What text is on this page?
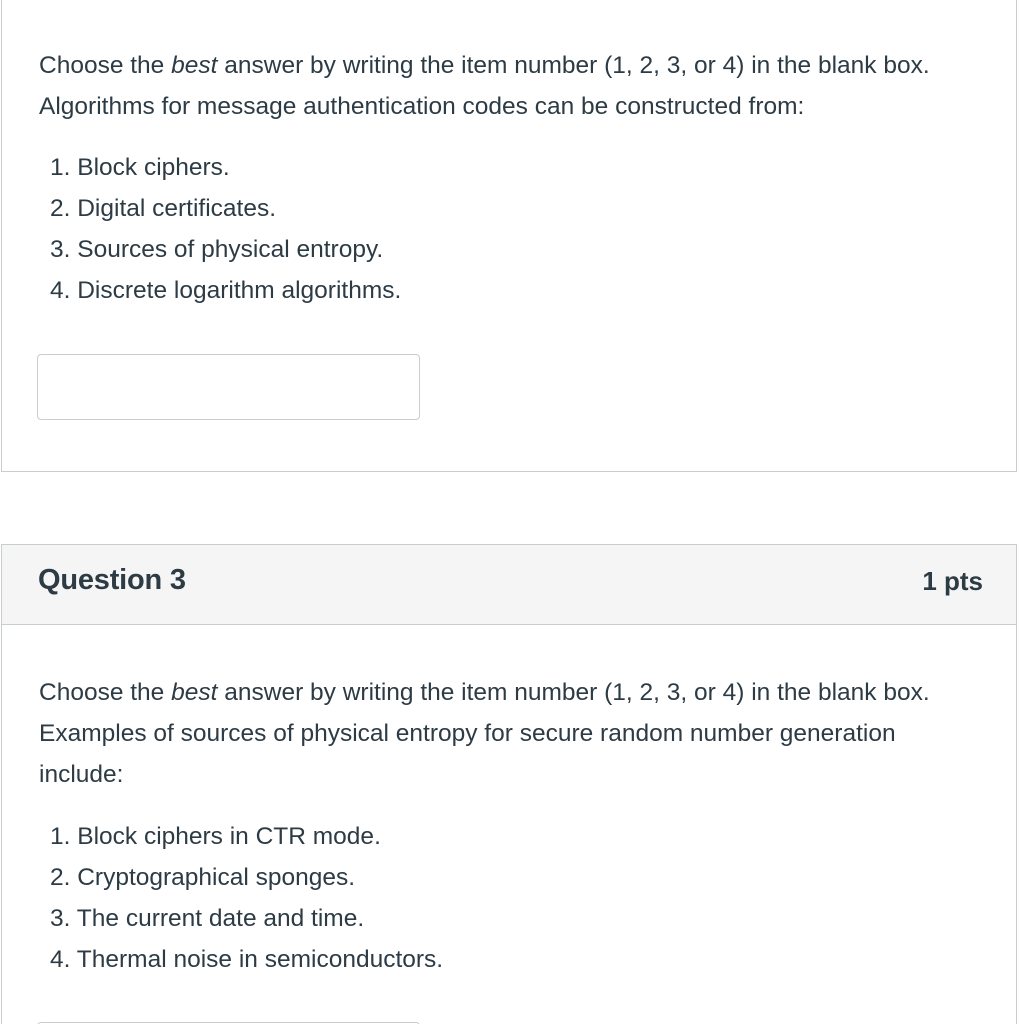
Choose the best answer by writing the item number (1, 2, 3, or 4) in the blank box. Algorithms for message authentication codes can be constructed from:

1. Block ciphers.
2. Digital certificates.
3. Sources of physical entropy.
4. Discrete logarithm algorithms.
Question 3	1 pts

Choose the best answer by writing the item number (1, 2, 3, or 4) in the blank box. Examples of sources of physical entropy for secure random number generation include:

1. Block ciphers in CTR mode.
2. Cryptographical sponges.
3. The current date and time.
4. Thermal noise in semiconductors.
